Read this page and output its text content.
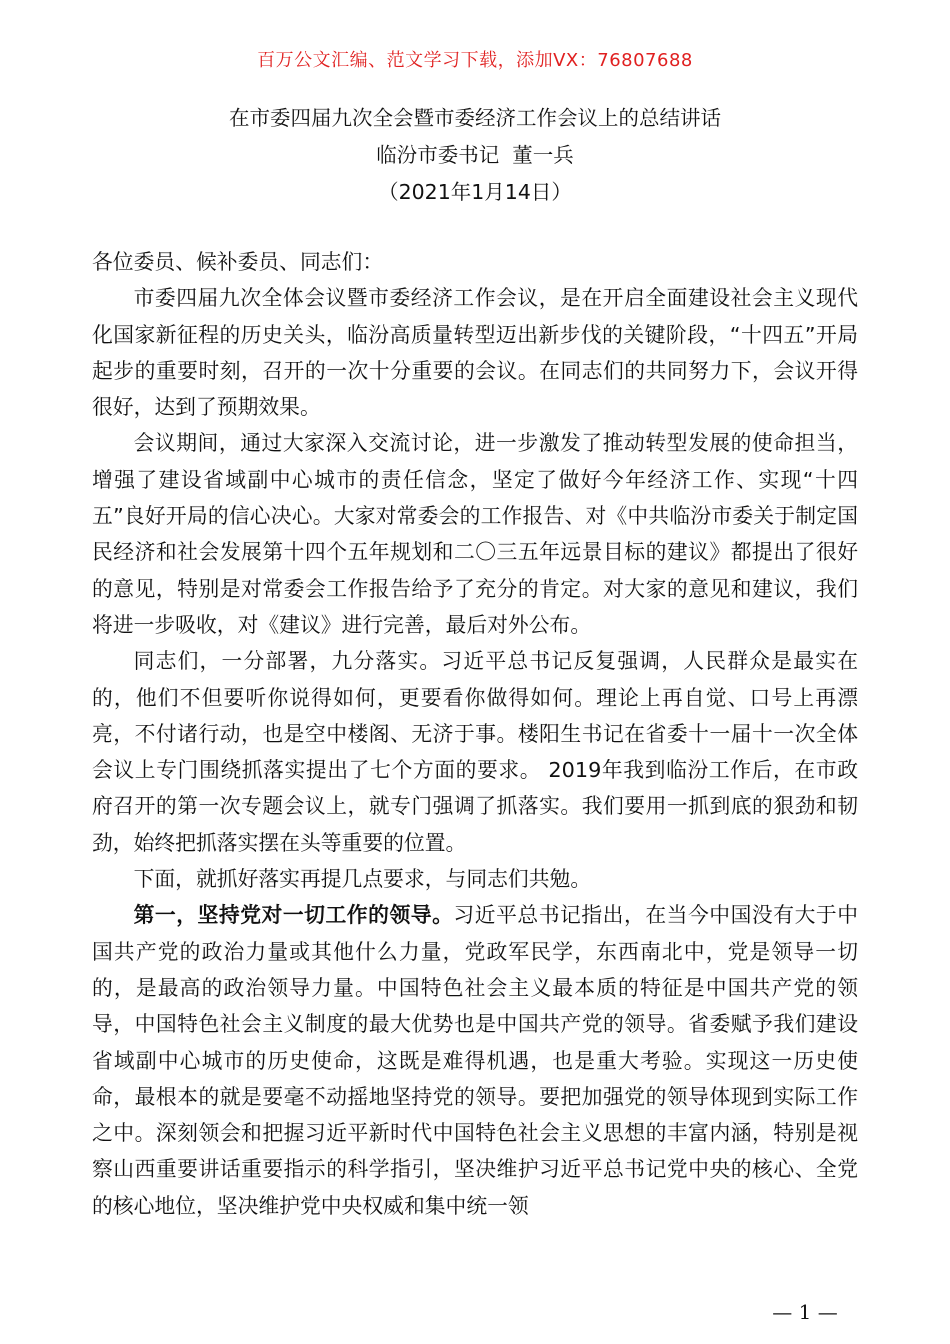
百万公文汇编、范文学习下载，添加VX：76807688
在市委四届九次全会暨市委经济工作会议上的总结讲话
临汾市委书记  董一兵
（2021年1月14日）

各位委员、候补委员、同志们：

市委四届九次全体会议暨市委经济工作会议，是在开启全面建设社会主义现代化国家新征程的历史关头，临汾高质量转型迈出新步伐的关键阶段，“十四五”开局起步的重要时刻，召开的一次十分重要的会议。在同志们的共同努力下，会议开得很好，达到了预期效果。

会议期间，通过大家深入交流讨论，进一步激发了推动转型发展的使命担当，增强了建设省域副中心城市的责任信念，坚定了做好今年经济工作、实现“十四五”良好开局的信心决心。大家对常委会的工作报告、对《中共临汾市委关于制定国民经济和社会发展第十四个五年规划和二〇三五年远景目标的建议》都提出了很好的意见，特别是对常委会工作报告给予了充分的肯定。对大家的意见和建议，我们将进一步吸收，对《建议》进行完善，最后对外公布。

同志们，一分部署，九分落实。习近平总书记反复强调，人民群众是最实在的，他们不但要听你说得如何，更要看你做得如何。理论上再自觉、口号上再漂亮，不付诸行动，也是空中楼阁、无济于事。楼阳生书记在省委十一届十一次全体会议上专门围绕抓落实提出了七个方面的要求。 2019年我到临汾工作后，在市政府召开的第一次专题会议上，就专门强调了抓落实。我们要用一抓到底的狠劲和韧劲，始终把抓落实摆在头等重要的位置。

下面，就抓好落实再提几点要求，与同志们共勉。

第一，坚持党对一切工作的领导。习近平总书记指出，在当今中国没有大于中国共产党的政治力量或其他什么力量，党政军民学，东西南北中，党是领导一切的，是最高的政治领导力量。中国特色社会主义最本质的特征是中国共产党的领导，中国特色社会主义制度的最大优势也是中国共产党的领导。省委赋予我们建设省域副中心城市的历史使命，这既是难得机遇，也是重大考验。实现这一历史使命，最根本的就是要毫不动摇地坚持党的领导。要把加强党的领导体现到实际工作之中。深刻领会和把握习近平新时代中国特色社会主义思想的丰富内涵，特别是视察山西重要讲话重要指示的科学指引，坚决维护习近平总书记党中央的核心、全党的核心地位，坚决维护党中央权威和集中统一领

— 1 —
